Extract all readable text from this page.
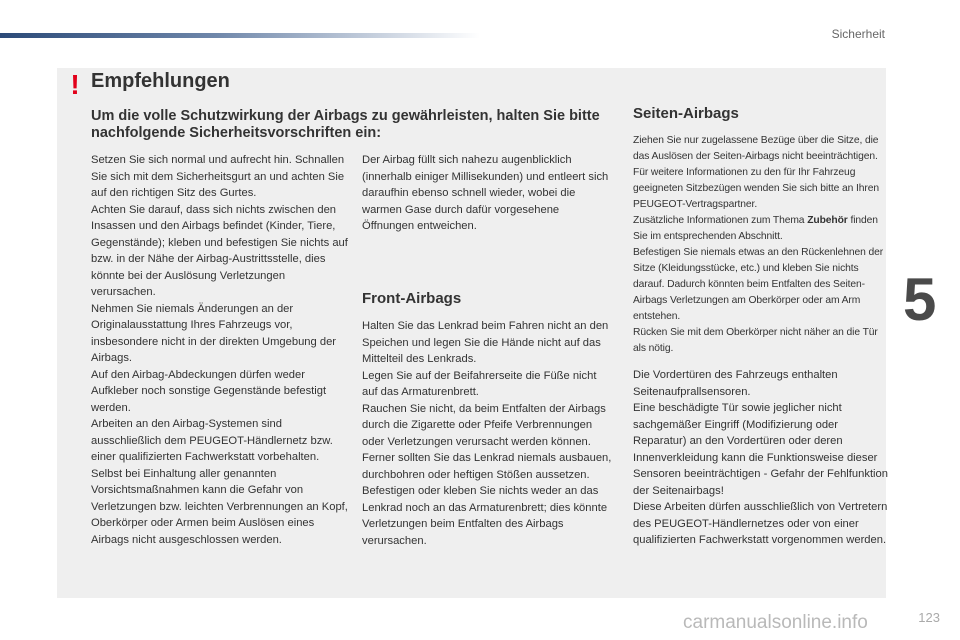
Sicherheit
5
! Empfehlungen

Um die volle Schutzwirkung der Airbags zu gewährleisten, halten Sie bitte nachfolgende Sicherheitsvorschriften ein:

Setzen Sie sich normal und aufrecht hin. Schnallen Sie sich mit dem Sicherheitsgurt an und achten Sie auf den richtigen Sitz des Gurtes.
Achten Sie darauf, dass sich nichts zwischen den Insassen und den Airbags befindet (Kinder, Tiere, Gegenstände); kleben und befestigen Sie nichts auf bzw. in der Nähe der Airbag-Austrittsstelle, dies könnte bei der Auslösung Verletzungen verursachen.
Nehmen Sie niemals Änderungen an der Originalausstattung Ihres Fahrzeugs vor, insbesondere nicht in der direkten Umgebung der Airbags.
Auf den Airbag-Abdeckungen dürfen weder Aufkleber noch sonstige Gegenstände befestigt werden.
Arbeiten an den Airbag-Systemen sind ausschließlich dem PEUGEOT-Händlernetz bzw. einer qualifizierten Fachwerkstatt vorbehalten.
Selbst bei Einhaltung aller genannten Vorsichtsmaßnahmen kann die Gefahr von Verletzungen bzw. leichten Verbrennungen an Kopf, Oberkörper oder Armen beim Auslösen eines Airbags nicht ausgeschlossen werden.

Der Airbag füllt sich nahezu augenblicklich (innerhalb einiger Millisekunden) und entleert sich daraufhin ebenso schnell wieder, wobei die warmen Gase durch dafür vorgesehene Öffnungen entweichen.

Front-Airbags

Halten Sie das Lenkrad beim Fahren nicht an den Speichen und legen Sie die Hände nicht auf das Mittelteil des Lenkrads.
Legen Sie auf der Beifahrerseite die Füße nicht auf das Armaturenbrett.
Rauchen Sie nicht, da beim Entfalten der Airbags durch die Zigarette oder Pfeife Verbrennungen oder Verletzungen verursacht werden können.
Ferner sollten Sie das Lenkrad niemals ausbauen, durchbohren oder heftigen Stößen aussetzen.
Befestigen oder kleben Sie nichts weder an das Lenkrad noch an das Armaturenbrett; dies könnte Verletzungen beim Entfalten des Airbags verursachen.

Seiten-Airbags

Ziehen Sie nur zugelassene Bezüge über die Sitze, die das Auslösen der Seiten-Airbags nicht beeinträchtigen. Für weitere Informationen zu den für Ihr Fahrzeug geeigneten Sitzbezügen wenden Sie sich bitte an Ihren PEUGEOT-Vertragspartner.
Zusätzliche Informationen zum Thema Zubehör finden Sie im entsprechenden Abschnitt.
Befestigen Sie niemals etwas an den Rückenlehnen der Sitze (Kleidungsstücke, etc.) und kleben Sie nichts darauf. Dadurch könnten beim Entfalten des Seiten-Airbags Verletzungen am Oberkörper oder am Arm entstehen.
Rücken Sie mit dem Oberkörper nicht näher an die Tür als nötig.

Die Vordertüren des Fahrzeugs enthalten Seitenaufprallsensoren.
Eine beschädigte Tür sowie jeglicher nicht sachgemäßer Eingriff (Modifizierung oder Reparatur) an den Vordertüren oder deren Innenverkleidung kann die Funktionsweise dieser Sensoren beeinträchtigen - Gefahr der Fehlfunktion der Seitenairbags!
Diese Arbeiten dürfen ausschließlich von Vertretern des PEUGEOT-Händlernetzes oder von einer qualifizierten Fachwerkstatt vorgenommen werden.

123
carmanualsonline.info
